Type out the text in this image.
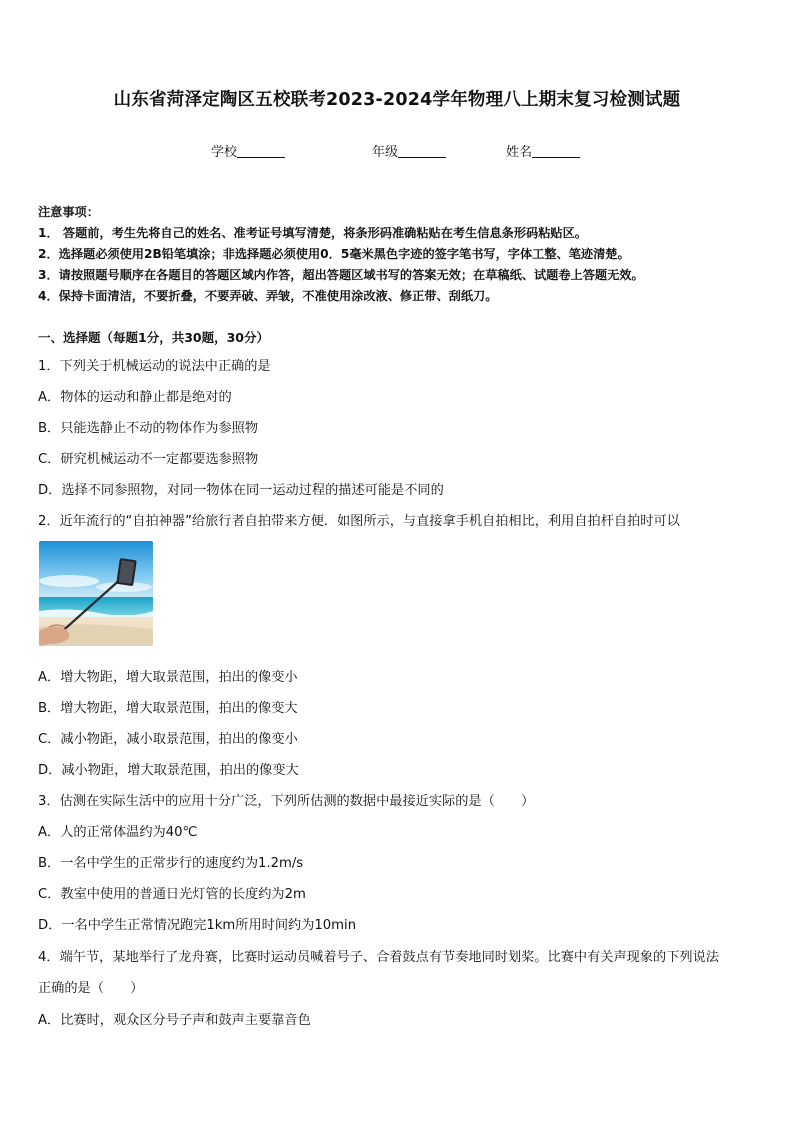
山东省菏泽定陶区五校联考2023-2024学年物理八上期末复习检测试题
学校	年级	姓名
注意事项：
1． 答题前，考生先将自己的姓名、准考证号填写清楚，将条形码准确粘贴在考生信息条形码粘贴区。
2．选择题必须使用2B铅笔填涂；非选择题必须使用0．5毫米黑色字迹的签字笔书写，字体工整、笔迹清楚。
3．请按照题号顺序在各题目的答题区域内作答，超出答题区域书写的答案无效；在草稿纸、试题卷上答题无效。
4．保持卡面清洁，不要折叠，不要弄破、弄皱，不准使用涂改液、修正带、刮纸刀。
一、选择题（每题1分，共30题，30分）
1．下列关于机械运动的说法中正确的是
A．物体的运动和静止都是绝对的
B．只能选静止不动的物体作为参照物
C．研究机械运动不一定都要选参照物
D．选择不同参照物，对同一物体在同一运动过程的描述可能是不同的
2．近年流行的“自拍神器”给旅行者自拍带来方便．如图所示，与直接拿手机自拍相比，利用自拍杆自拍时可以
A．增大物距，增大取景范围，拍出的像变小
B．增大物距，增大取景范围，拍出的像变大
C．减小物距，减小取景范围，拍出的像变小
D．减小物距，增大取景范围，拍出的像变大
3．估测在实际生活中的应用十分广泛，下列所估测的数据中最接近实际的是（　　）
A．人的正常体温约为40℃
B．一名中学生的正常步行的速度约为1.2m/s
C．教室中使用的普通日光灯管的长度约为2m
D．一名中学生正常情况跑完1km所用时间约为10min
4．端午节，某地举行了龙舟赛，比赛时运动员喊着号子、合着鼓点有节奏地同时划桨。比赛中有关声现象的下列说法
正确的是（　　）
A．比赛时，观众区分号子声和鼓声主要靠音色
